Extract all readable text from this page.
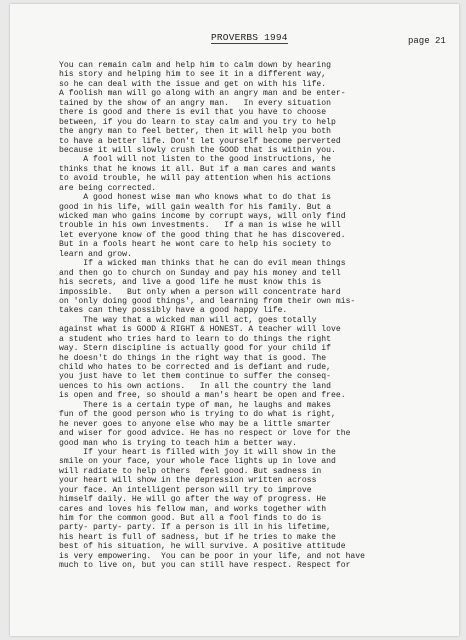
PROVERBS 1994	page 21
You can remain calm and help him to calm down by hearing
his story and helping him to see it in a different way,
so he can deal with the issue and get on with his life.
A foolish man will go along with an angry man and be enter-
tained by the show of an angry man.   In every situation
there is good and there is evil that you have to choose
between, if you do learn to stay calm and you try to help
the angry man to feel better, then it will help you both
to have a better life. Don't let yourself become perverted
because it will slowly crush the GOOD that is within you.
A fool will not listen to the good instructions, he
thinks that he knows it all. But if a man cares and wants
to avoid trouble, he will pay attention when his actions
are being corrected.
A good honest wise man who knows what to do that is
good in his life, will gain wealth for his family. But a
wicked man who gains income by corrupt ways, will only find
trouble in his own investments.   If a man is wise he will
let everyone know of the good thing that he has discovered.
But in a fools heart he wont care to help his society to
learn and grow.
If a wicked man thinks that he can do evil mean things
and then go to church on Sunday and pay his money and tell
his secrets, and live a good life he must know this is
impossible.   But only when a person will concentrate hard
on 'only doing good things', and learning from their own mis-
takes can they possibly have a good happy life.
The way that a wicked man will act, goes totally
against what is GOOD & RIGHT & HONEST. A teacher will love
a student who tries hard to learn to do things the right
way. Stern discipline is actually good for your child if
he doesn't do things in the right way that is good. The
child who hates to be corrected and is defiant and rude,
you just have to let them continue to suffer the conseq-
uences to his own actions.   In all the country the land
is open and free, so should a man's heart be open and free.
There is a certain type of man, he laughs and makes
fun of the good person who is trying to do what is right,
he never goes to anyone else who may be a little smarter
and wiser for good advice. He has no respect or love for the
good man who is trying to teach him a better way.
If your heart is filled with joy it will show in the
smile on your face, your whole face lights up in love and
will radiate to help others  feel good. But sadness in
your heart will show in the depression written across
your face. An intelligent person will try to improve
himself daily. He will go after the way of progress. He
cares and loves his fellow man, and works together with
him for the common good. But all a fool finds to do is
party- party- party. If a person is ill in his lifetime,
his heart is full of sadness, but if he tries to make the
best of his situation, he will survive. A positive attitude
is very empowering.  You can be poor in your life, and not have
much to live on, but you can still have respect. Respect for
